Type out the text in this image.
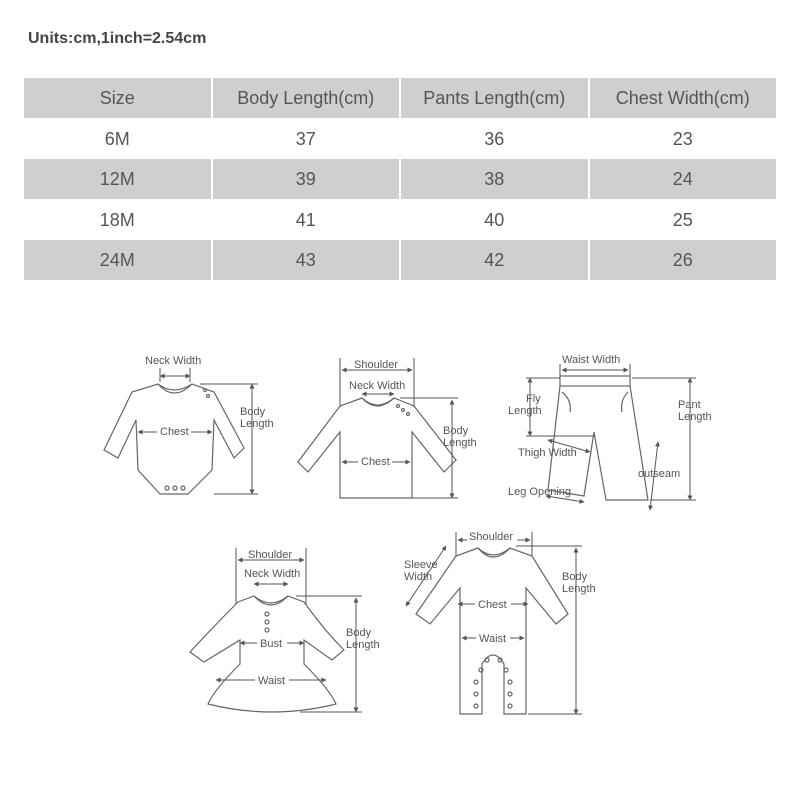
Units:cm,1inch=2.54cm
Size	Body Length(cm)	Pants Length(cm)	Chest Width(cm)
6M	37	36	23
12M	39	38	24
18M	41	40	25
24M	43	42	26
Neck Width
Chest
Body
Length
Shoulder
Neck Width
Chest
Body
Length
Waist Width
Fly
Length	Pant
Length
Thigh Width
outseam
Leg Opening
Shoulder
Neck Width
Bust
Waist
Body
Length
Shoulder
Sleeve
Width
Chest
Waist
Body
Length
